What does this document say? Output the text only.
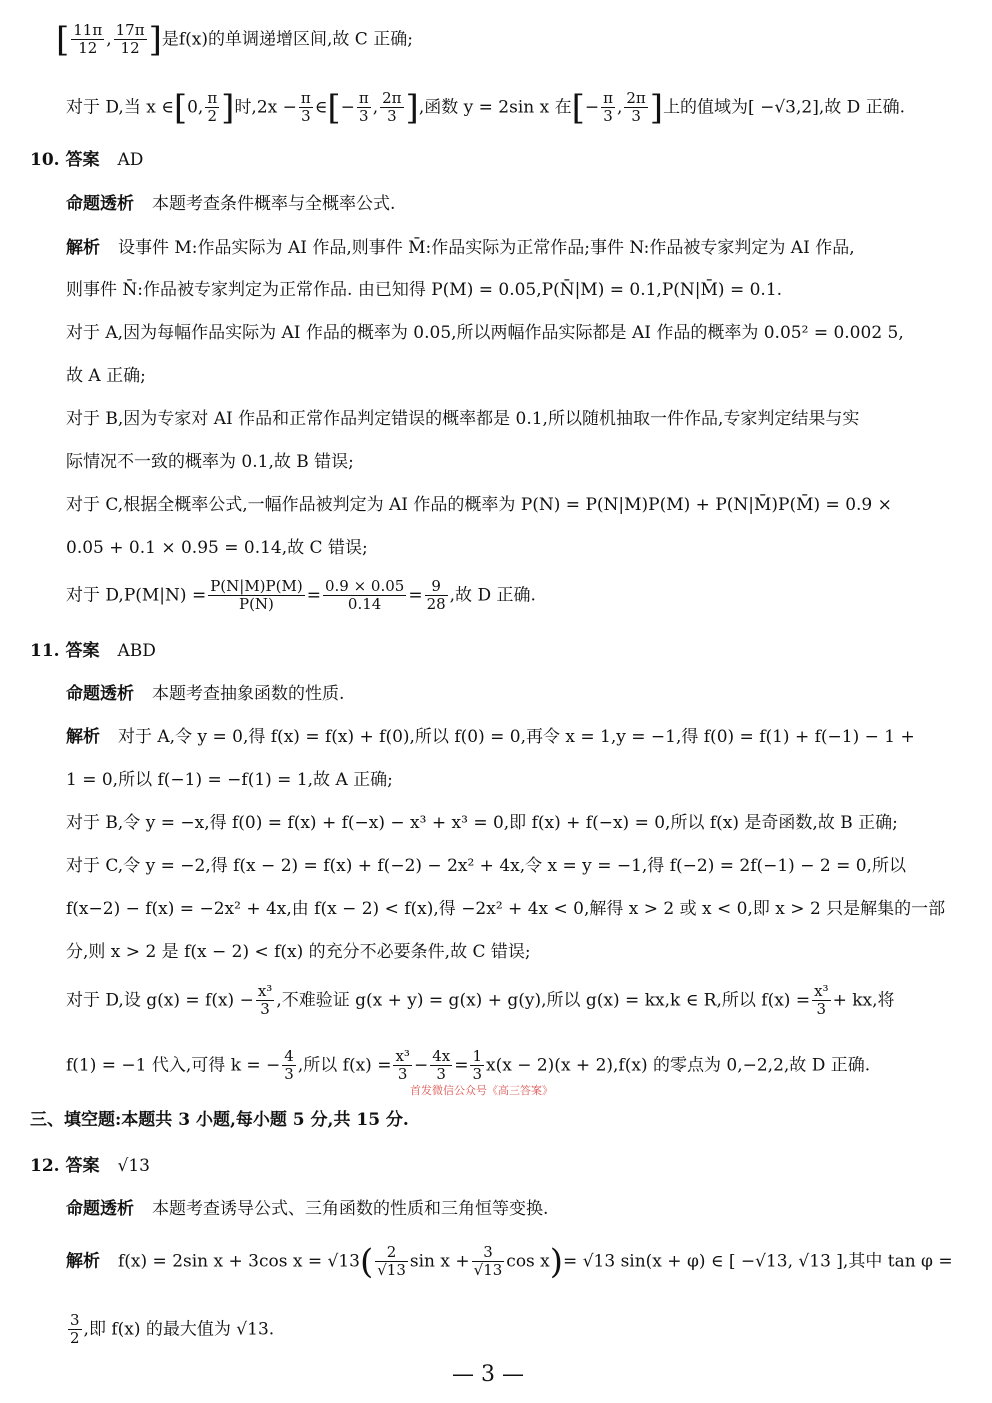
[ $\frac{11\pi}{12}$ , $\frac{17\pi}{12}$ ]是f(x)的单调递增区间,故 C 正确;
对于 D,当 x ∈[0, $\frac{\pi}{2}$ ]时$,2x - \frac{\pi}{3}$ ∈[− $\frac{\pi}{3}$ , $\frac{2\pi}{3}$ ],函数 y = 2sin x 在[− $\frac{\pi}{3}$ , $\frac{2\pi}{3}$ ]上的值域为[ −√3,2],故 D 正确.
10. 答案 AD
命题透析 本题考查条件概率与全概率公式.
解析 设事件 M:作品实际为 AI 作品,则事件 M̄:作品实际为正常作品;事件 N:作品被专家判定为 AI 作品,
则事件 N̄:作品被专家判定为正常作品. 由已知得 P(M) = 0.05,P(N̄|M) = 0.1,P(N|M̄) = 0.1.
对于 A,因为每幅作品实际为 AI 作品的概率为 0.05,所以两幅作品实际都是 AI 作品的概率为 0.05² = 0.002 5,
故 A 正确;
对于 B,因为专家对 AI 作品和正常作品判定错误的概率都是 0.1,所以随机抽取一件作品,专家判定结果与实
际情况不一致的概率为 0.1,故 B 错误;
对于 C,根据全概率公式,一幅作品被判定为 AI 作品的概率为 P(N) = P(N|M)P(M) + P(N|M̄)P(M̄) = 0.9 ×
0.05 + 0.1 × 0.95 = 0.14,故 C 错误;
对于 $D,P(M|N) = \frac{P(N|M)P(M)}{P(N)} = \frac{0.9 \times 0.05}{0.14} = \frac{9}{28}$ ,故 D 正确.
11. 答案 ABD
命题透析 本题考查抽象函数的性质.
解析 对于 A,令 y = 0,得 f(x) = f(x) + f(0),所以 f(0) = 0,再令 x = 1,y = −1,得 f(0) = f(1) + f(−1) − 1 +
1 = 0,所以 f(−1) = −f(1) = 1,故 A 正确;
对于 B,令 y = −x,得 f(0) = f(x) + f(−x) − x³ + x³ = 0,即 f(x) + f(−x) = 0,所以 f(x) 是奇函数,故 B 正确;
对于 C,令 y = −2,得 f(x − 2) = f(x) + f(−2) − 2x² + 4x,令 x = y = −1,得 f(−2) = 2f(−1) − 2 = 0,所以
f(x−2) − f(x) = −2x² + 4x,由 f(x − 2) < f(x),得 −2x² + 4x < 0,解得 x > 2 或 x < 0,即 x > 2 只是解集的一部
分,则 x > 2 是 f(x − 2) < f(x) 的充分不必要条件,故 C 错误;
对于 D,设 $g(x) = f(x) - \frac{\text{x³}}{3}$ ,不难验证 g(x + y) = g(x) + g(y),所以 g(x) = kx,k ∈ R,所以 $f(x) = \frac{\text{x³}}{3}$ + kx,将
f(1) = −1 代入,可得 k = − $\frac{4}{3}$ ,所以 $f(x) = \frac{\text{x³}}{3} - \frac{4x}{3} = \frac{1}{3} x(x - 2)(x + 2),f(x)$ 的零点为 0,−2,2,故 D 正确.
首发微信公众号《高三答案》
三、填空题:本题共 3 小题,每小题 5 分,共 15 分.
12. 答案 √13
命题透析 本题考查诱导公式、三角函数的性质和三角恒等变换.
解析 f(x) = 2sin x + 3cos $x = √13( \frac{2}{√13}$ $\sin x + \frac{3}{√13}$ cos x)= √13 sin(x + φ) ∈ [ −√13, √13 ],其中 tan φ =
$\frac{3}{2}$ ,即 f(x) 的最大值为 √13.
— 3 —
